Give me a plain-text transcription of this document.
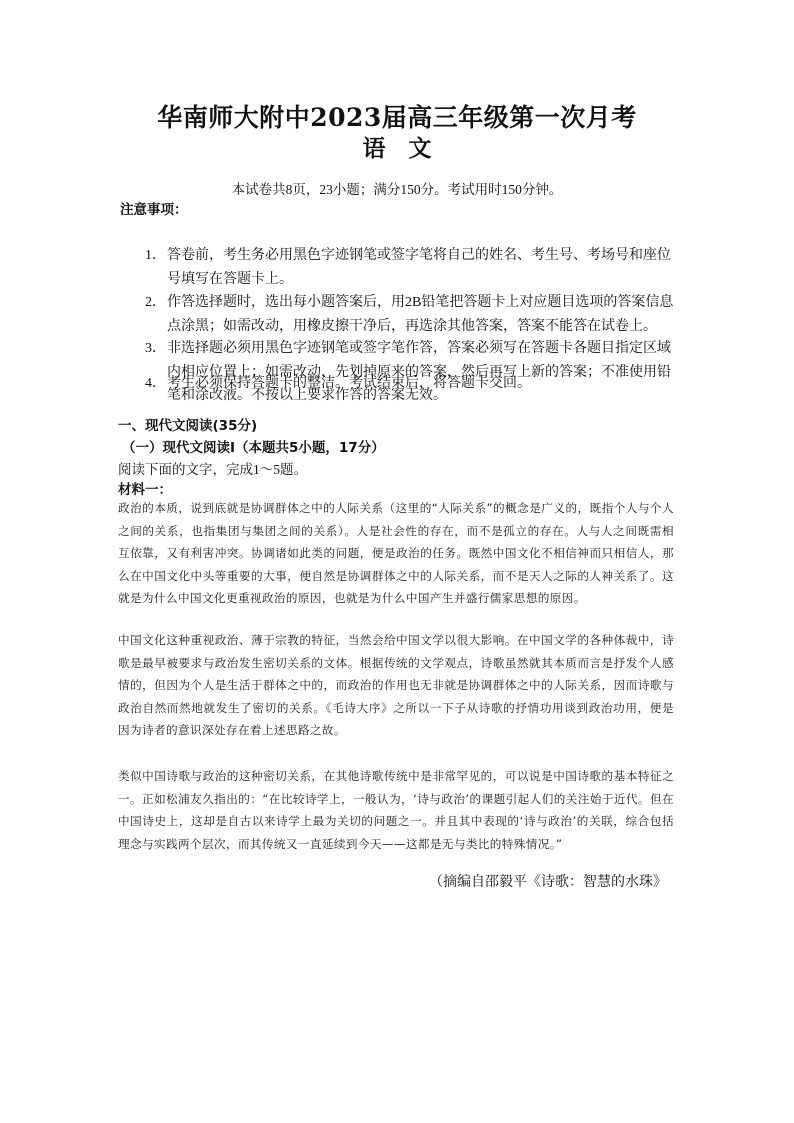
华南师大附中2023届高三年级第一次月考
语　文
本试卷共8页，23小题；满分150分。考试用时150分钟。
注意事项：
1． 答卷前，考生务必用黑色字迹钢笔或签字笔将自己的姓名、考生号、考场号和座位号填写在答题卡上。
2． 作答选择题时，选出每小题答案后，用2B铅笔把答题卡上对应题目选项的答案信息点涂黑；如需改动，用橡皮擦干净后，再选涂其他答案，答案不能答在试卷上。
3． 非选择题必须用黑色字迹钢笔或签字笔作答，答案必须写在答题卡各题目指定区域内相应位置上；如需改动，先划掉原来的答案，然后再写上新的答案；不准使用铅笔和涂改液。不按以上要求作答的答案无效。
4． 考生必须保持答题卡的整洁。考试结束后，将答题卡交回。
一、现代文阅读(35分)
（一）现代文阅读Ⅰ（本题共5小题，17分）
阅读下面的文字，完成1～5题。
材料一：
政治的本质，说到底就是协调群体之中的人际关系（这里的“人际关系”的概念是广义的，既指个人与个人之间的关系，也指集团与集团之间的关系）。人是社会性的存在，而不是孤立的存在。人与人之间既需相互依靠，又有利害冲突。协调诸如此类的问题，便是政治的任务。既然中国文化不相信神而只相信人，那么在中国文化中头等重要的大事，便自然是协调群体之中的人际关系，而不是天人之际的人神关系了。这就是为什么中国文化更重视政治的原因，也就是为什么中国产生并盛行儒家思想的原因。
中国文化这种重视政治、薄于宗教的特征，当然会给中国文学以很大影响。在中国文学的各种体裁中，诗歌是最早被要求与政治发生密切关系的文体。根据传统的文学观点，诗歌虽然就其本质而言是抒发个人感情的，但因为个人是生活于群体之中的，而政治的作用也无非就是协调群体之中的人际关系，因而诗歌与政治自然而然地就发生了密切的关系。《毛诗大序》之所以一下子从诗歌的抒情功用谈到政治功用，便是因为诗者的意识深处存在着上述思路之故。
类似中国诗歌与政治的这种密切关系，在其他诗歌传统中是非常罕见的，可以说是中国诗歌的基本特征之一。正如松浦友久指出的：“在比较诗学上，一般认为，‘诗与政治’的课题引起人们的关注始于近代。但在中国诗史上，这却是自古以来诗学上最为关切的问题之一。并且其中表现的‘诗与政治’的关联，综合包括理念与实践两个层次，而其传统又一直延续到今天——这都是无与类比的特殊情况。”
（摘编自邵毅平《诗歌：智慧的水珠》
